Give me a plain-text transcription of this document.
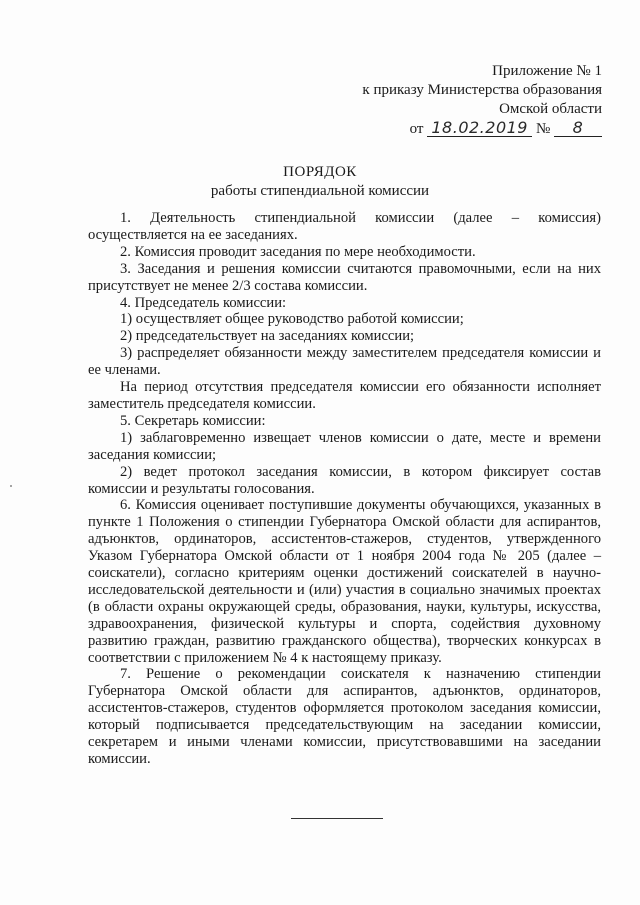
Приложение № 1
к приказу Министерства образования
Омской области
от 18.02.2019 № 8
ПОРЯДОК
работы стипендиальной комиссии

1. Деятельность стипендиальной комиссии (далее – комиссия) осуществляется на ее заседаниях.

2. Комиссия проводит заседания по мере необходимости.

3. Заседания и решения комиссии считаются правомочными, если на них присутствует не менее 2/3 состава комиссии.

4. Председатель комиссии:

1) осуществляет общее руководство работой комиссии;

2) председательствует на заседаниях комиссии;

3) распределяет обязанности между заместителем председателя комиссии и ее членами.

На период отсутствия председателя комиссии его обязанности исполняет заместитель председателя комиссии.

5. Секретарь комиссии:

1) заблаговременно извещает членов комиссии о дате, месте и времени заседания комиссии;

2) ведет протокол заседания комиссии, в котором фиксирует состав комиссии и результаты голосования.

6. Комиссия оценивает поступившие документы обучающихся, указанных в пункте 1 Положения о стипендии Губернатора Омской области для аспирантов, адъюнктов, ординаторов, ассистентов-стажеров, студентов, утвержденного Указом Губернатора Омской области от 1 ноября 2004 года № 205 (далее – соискатели), согласно критериям оценки достижений соискателей в научно-исследовательской деятельности и (или) участия в социально значимых проектах (в области охраны окружающей среды, образования, науки, культуры, искусства, здравоохранения, физической культуры и спорта, содействия духовному развитию граждан, развитию гражданского общества), творческих конкурсах в соответствии с приложением № 4 к настоящему приказу.

7. Решение о рекомендации соискателя к назначению стипендии Губернатора Омской области для аспирантов, адъюнктов, ординаторов, ассистентов-стажеров, студентов оформляется протоколом заседания комиссии, который подписывается председательствующим на заседании комиссии, секретарем и иными членами комиссии, присутствовавшими на заседании комиссии.
